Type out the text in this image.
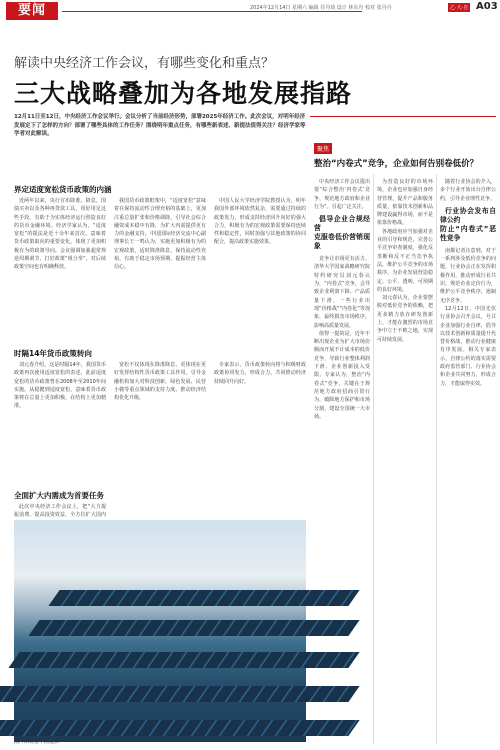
要闻	2024年12月14日 星期六 编辑 任丹琦 设计 林东舟 校对 张丹丹	乙·大·自 A03
解读中央经济工作会议，有哪些变化和重点？
三大战略叠加为各地发展指路
12月11日至12日，中央经济工作会议举行。会议分析了当前经济形势，部署2025年经济工作。此次会议，对明年经济发展定下了怎样的方向？部署了哪些具体的工作任务？围绕明年重点任务，有哪些新表述、新提法值得关注？经济学家等学者对此解读。
界定适度宽松货币政策的内涵

近两年以来，央行宣布降准、降息，国债买卖以及各种再贷款工具，用好用足这些手段，有助于为实体经济运行创造良好的货币金融环境。经济学家认为，“适度宽松”的提法是近十余年来首次，意味着货币政策取向的重要变化，体现了更加积极有为的政策导向。会议强调加强超常规逆周期调节，打好政策“组合拳”，对后续政策空间也有明确释放。

我国货币政策框架中，“适度宽松”意味着在保持流动性合理充裕的基础上，更加注重总量扩张和价格调降，引导社会综合融资成本稳中有降，为扩大内需提供更有力的金融支持。中国国际经济交流中心副理事长王一鸣认为，实施更加积极有为的宏观政策，适时降准降息，保持流动性充裕，有助于稳定市场预期，提振经营主体信心。

中国人民大学经济学院教授认为，明年我国外部环境依然复杂，需要通过持续的政策发力，形成支持经济回升向好的强大合力，积极有为的宏观政策需要保持连续性和稳定性，同时加强与其他政策的协同配合，提高政策实施效果。

时隔14年货币政策转向

刘元春介绍，这是时隔14年，我国货币政策再次使用适度宽松的表述。此前适度宽松的货币政策曾在2008年至2010年间实施。从稳健到适度宽松，意味着货币政策将在总量上更加积极，在结构上更加精准。

宽松不仅体现在降准降息，更体现在更好发挥结构性货币政策工具作用，引导金融机构加大对科技创新、绿色发展、民营小微等重点领域的支持力度，推动经济结构优化升级。

专家表示，货币政策转向将与积极财政政策协同发力，形成合力，共同推动经济持续回升向好。

全面扩大内需成为首要任务

此次中央经济工作会议上，把“大力提振消费、提高投资效益，全方位扩大国内

图片由视觉中国提供
聚焦
整治“内卷式”竞争，企业如何告别卷低价？

中央经济工作会议提出要“综合整治‘内卷式’竞争，规范地方政府和企业行为”。引起广泛关注。

倡导企业合规经营
克服卷低价营销现象

竞争让市场更有活力。清华大学国家战略研究院特约研究员刘元春认为，“内卷式”竞争，会导致企业利润下降、产品质量下滑，一些行业出现“价格战”“内卷化”等现象，最终损害市场秩序，影响高质量发展。

值得一提的是，近年不断出现企业为扩大市场份额而开展不计成本的低价竞争，导致行业整体利润下滑、企业创新投入受限。专家认为，整治“内卷式”竞争，关键在于规范地方政府招商引资行为，破除地方保护和市场分割，建设全国统一大市场。

为营造良好的市场环境，企业也应加强自身经营管理，提升产品和服务质量，依靠技术创新和品牌建设赢得市场，而不是依靠价格战。

各地政府应当加强对企业的引导和规范，完善公平竞争审查制度，强化反垄断和反不正当竞争执法，维护公平竞争的市场秩序，为企业发展营造稳定、公平、透明、可预期的良好环境。

刘元春认为，企业要摆脱对低价竞争的依赖，把更多精力放在研发创新上，才能在激烈的市场竞争中立于不败之地，实现可持续发展。

随着行业协会的介入，多个行业开始出台自律公约，引导企业理性竞争。

行业协会发布自律公约
防止“内卷式”恶性竞争

南都记者注意到，对于一系列涉及低价竞争的问题，行业协会正在发挥积极作用，推动形成行业共识，规范企业定价行为，维护公平竞争秩序，遏制无序竞争。

12月12日，中国光伏行业协会召开会议，号召企业加强行业自律，倡导以技术创新和质量提升代替价格战，推动行业健康有序发展。相关专家表示，自律公约的落实需要政府监管部门、行业协会和企业共同努力，形成合力，才能取得实效。
